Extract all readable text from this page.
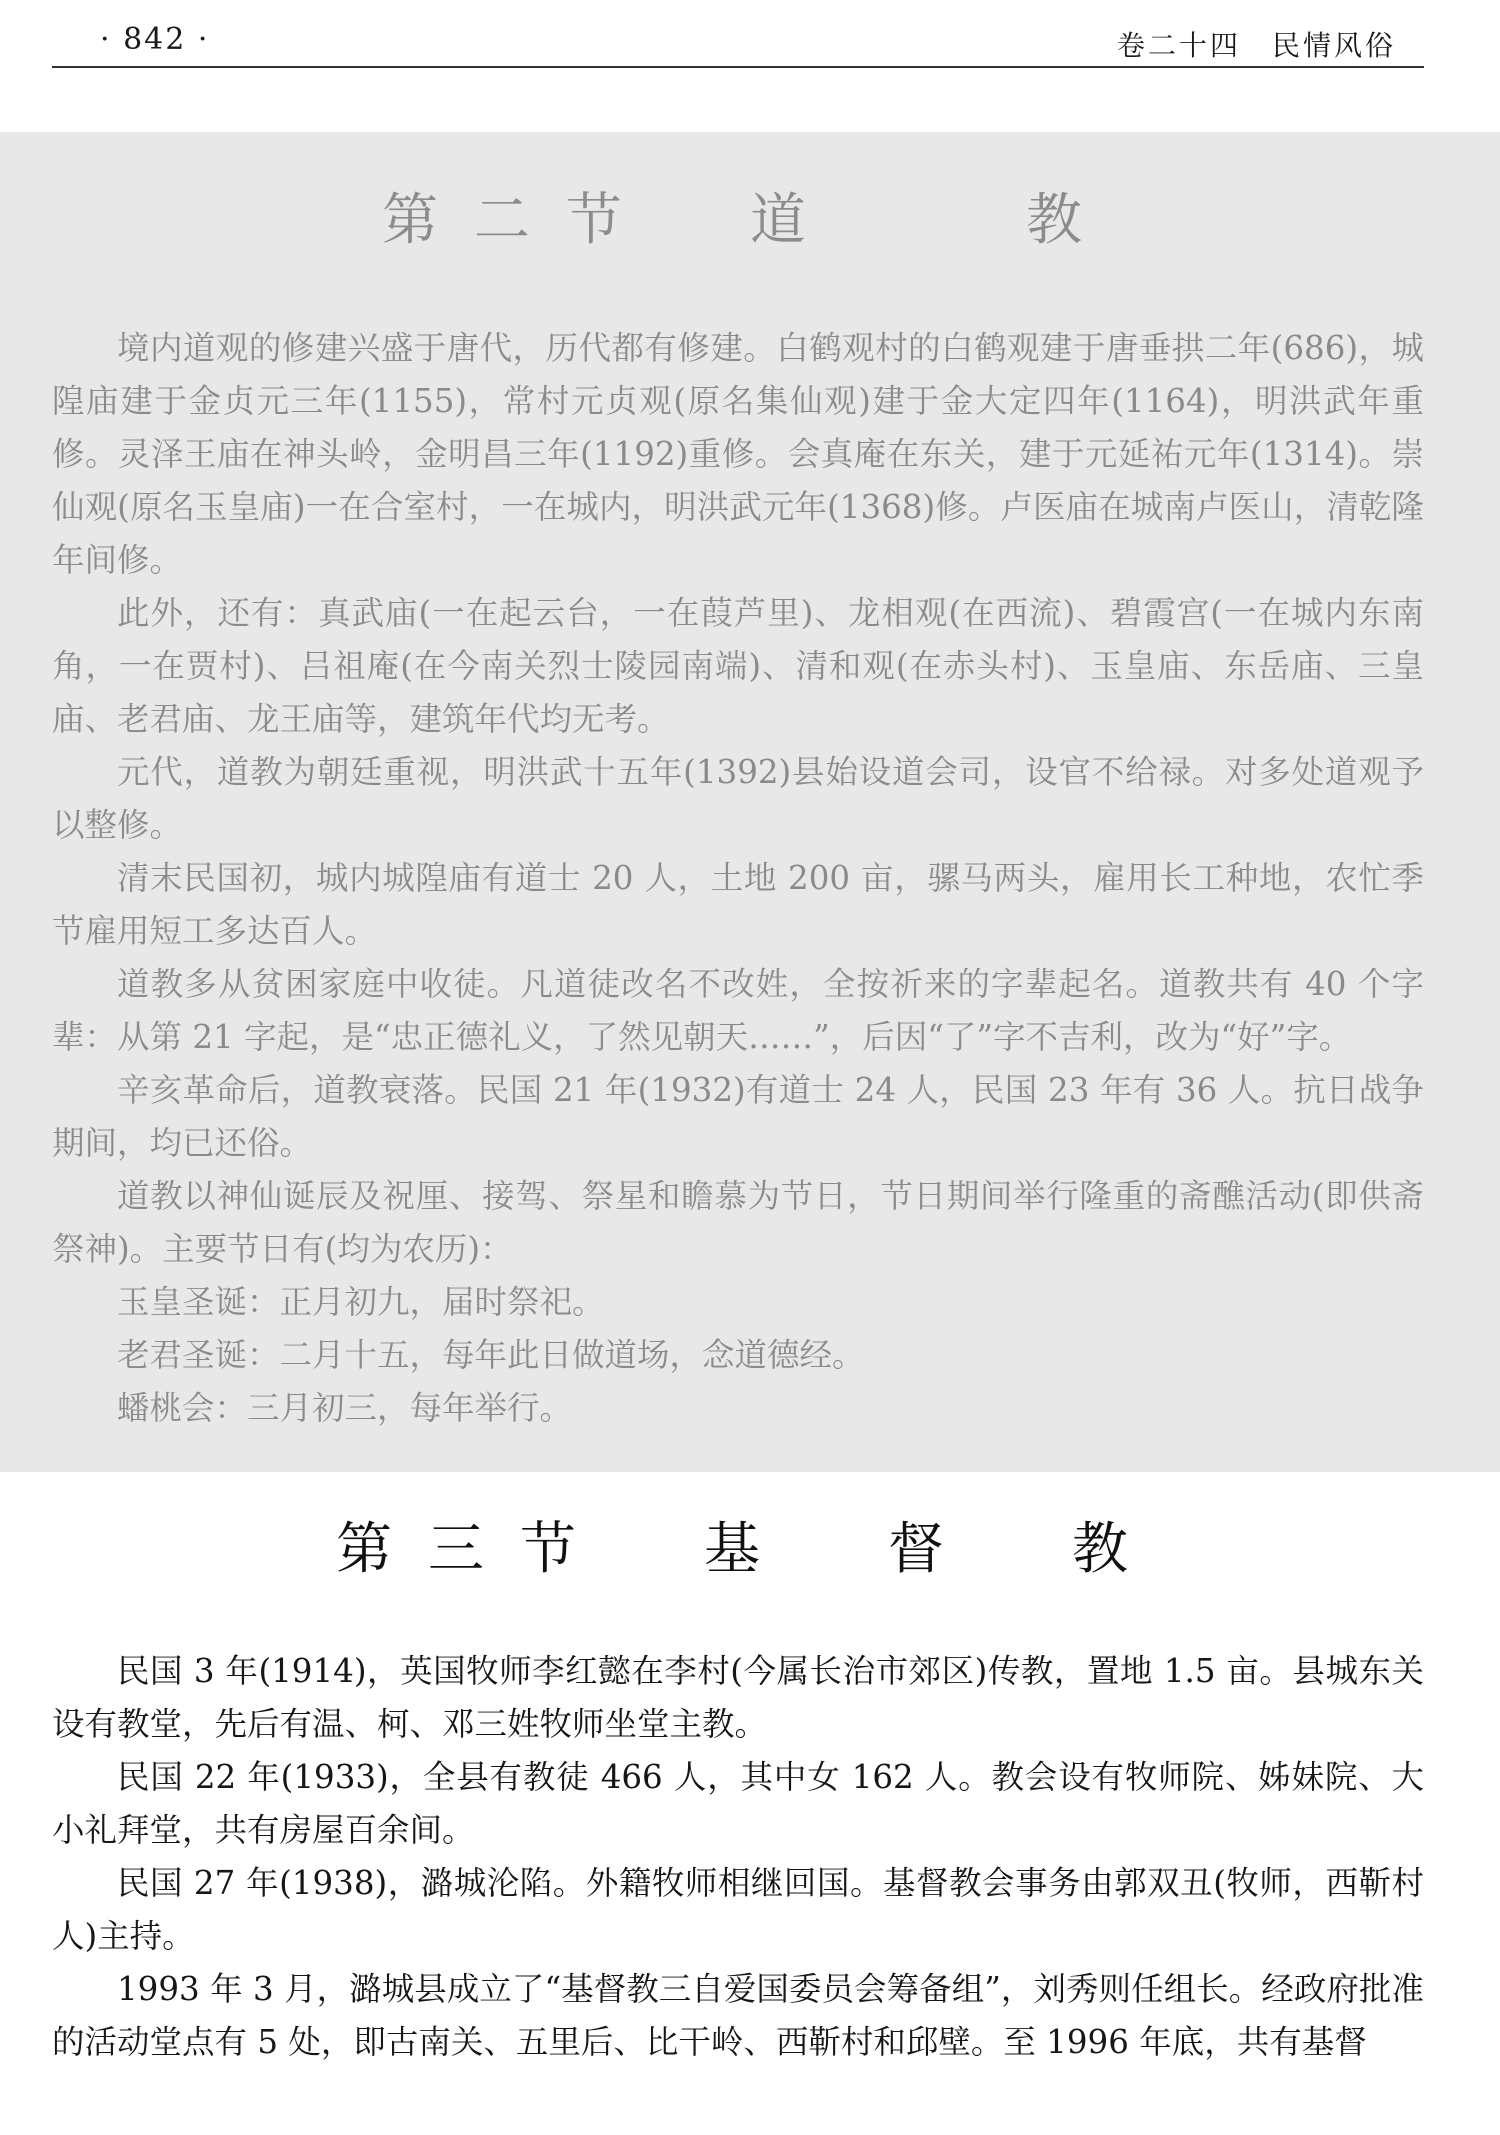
· 842 ·	卷二十四　民情风俗
第二节　道　　教

境内道观的修建兴盛于唐代，历代都有修建。白鹤观村的白鹤观建于唐垂拱二年(686)，城隍庙建于金贞元三年(1155)，常村元贞观(原名集仙观)建于金大定四年(1164)，明洪武年重修。灵泽王庙在神头岭，金明昌三年(1192)重修。会真庵在东关，建于元延祐元年(1314)。崇仙观(原名玉皇庙)一在合室村，一在城内，明洪武元年(1368)修。卢医庙在城南卢医山，清乾隆年间修。

此外，还有：真武庙(一在起云台，一在葭芦里)、龙相观(在西流)、碧霞宫(一在城内东南角，一在贾村)、吕祖庵(在今南关烈士陵园南端)、清和观(在赤头村)、玉皇庙、东岳庙、三皇庙、老君庙、龙王庙等，建筑年代均无考。

元代，道教为朝廷重视，明洪武十五年(1392)县始设道会司，设官不给禄。对多处道观予以整修。

清末民国初，城内城隍庙有道士 20 人，土地 200 亩，骡马两头，雇用长工种地，农忙季节雇用短工多达百人。

道教多从贫困家庭中收徒。凡道徒改名不改姓，全按祈来的字辈起名。道教共有 40 个字辈：从第 21 字起，是“忠正德礼义，了然见朝天……”，后因“了”字不吉利，改为“好”字。

辛亥革命后，道教衰落。民国 21 年(1932)有道士 24 人，民国 23 年有 36 人。抗日战争期间，均已还俗。

道教以神仙诞辰及祝厘、接驾、祭星和瞻慕为节日，节日期间举行隆重的斋醮活动(即供斋祭神)。主要节日有(均为农历)：

玉皇圣诞：正月初九，届时祭祀。

老君圣诞：二月十五，每年此日做道场，念道德经。

蟠桃会：三月初三，每年举行。

第三节　基　督　教

民国 3 年(1914)，英国牧师李红懿在李村(今属长治市郊区)传教，置地 1.5 亩。县城东关设有教堂，先后有温、柯、邓三姓牧师坐堂主教。

民国 22 年(1933)，全县有教徒 466 人，其中女 162 人。教会设有牧师院、姊妹院、大小礼拜堂，共有房屋百余间。

民国 27 年(1938)，潞城沦陷。外籍牧师相继回国。基督教会事务由郭双丑(牧师，西靳村人)主持。

1993 年 3 月，潞城县成立了“基督教三自爱国委员会筹备组”，刘秀则任组长。经政府批准的活动堂点有 5 处，即古南关、五里后、比干岭、西靳村和邱壁。至 1996 年底，共有基督
